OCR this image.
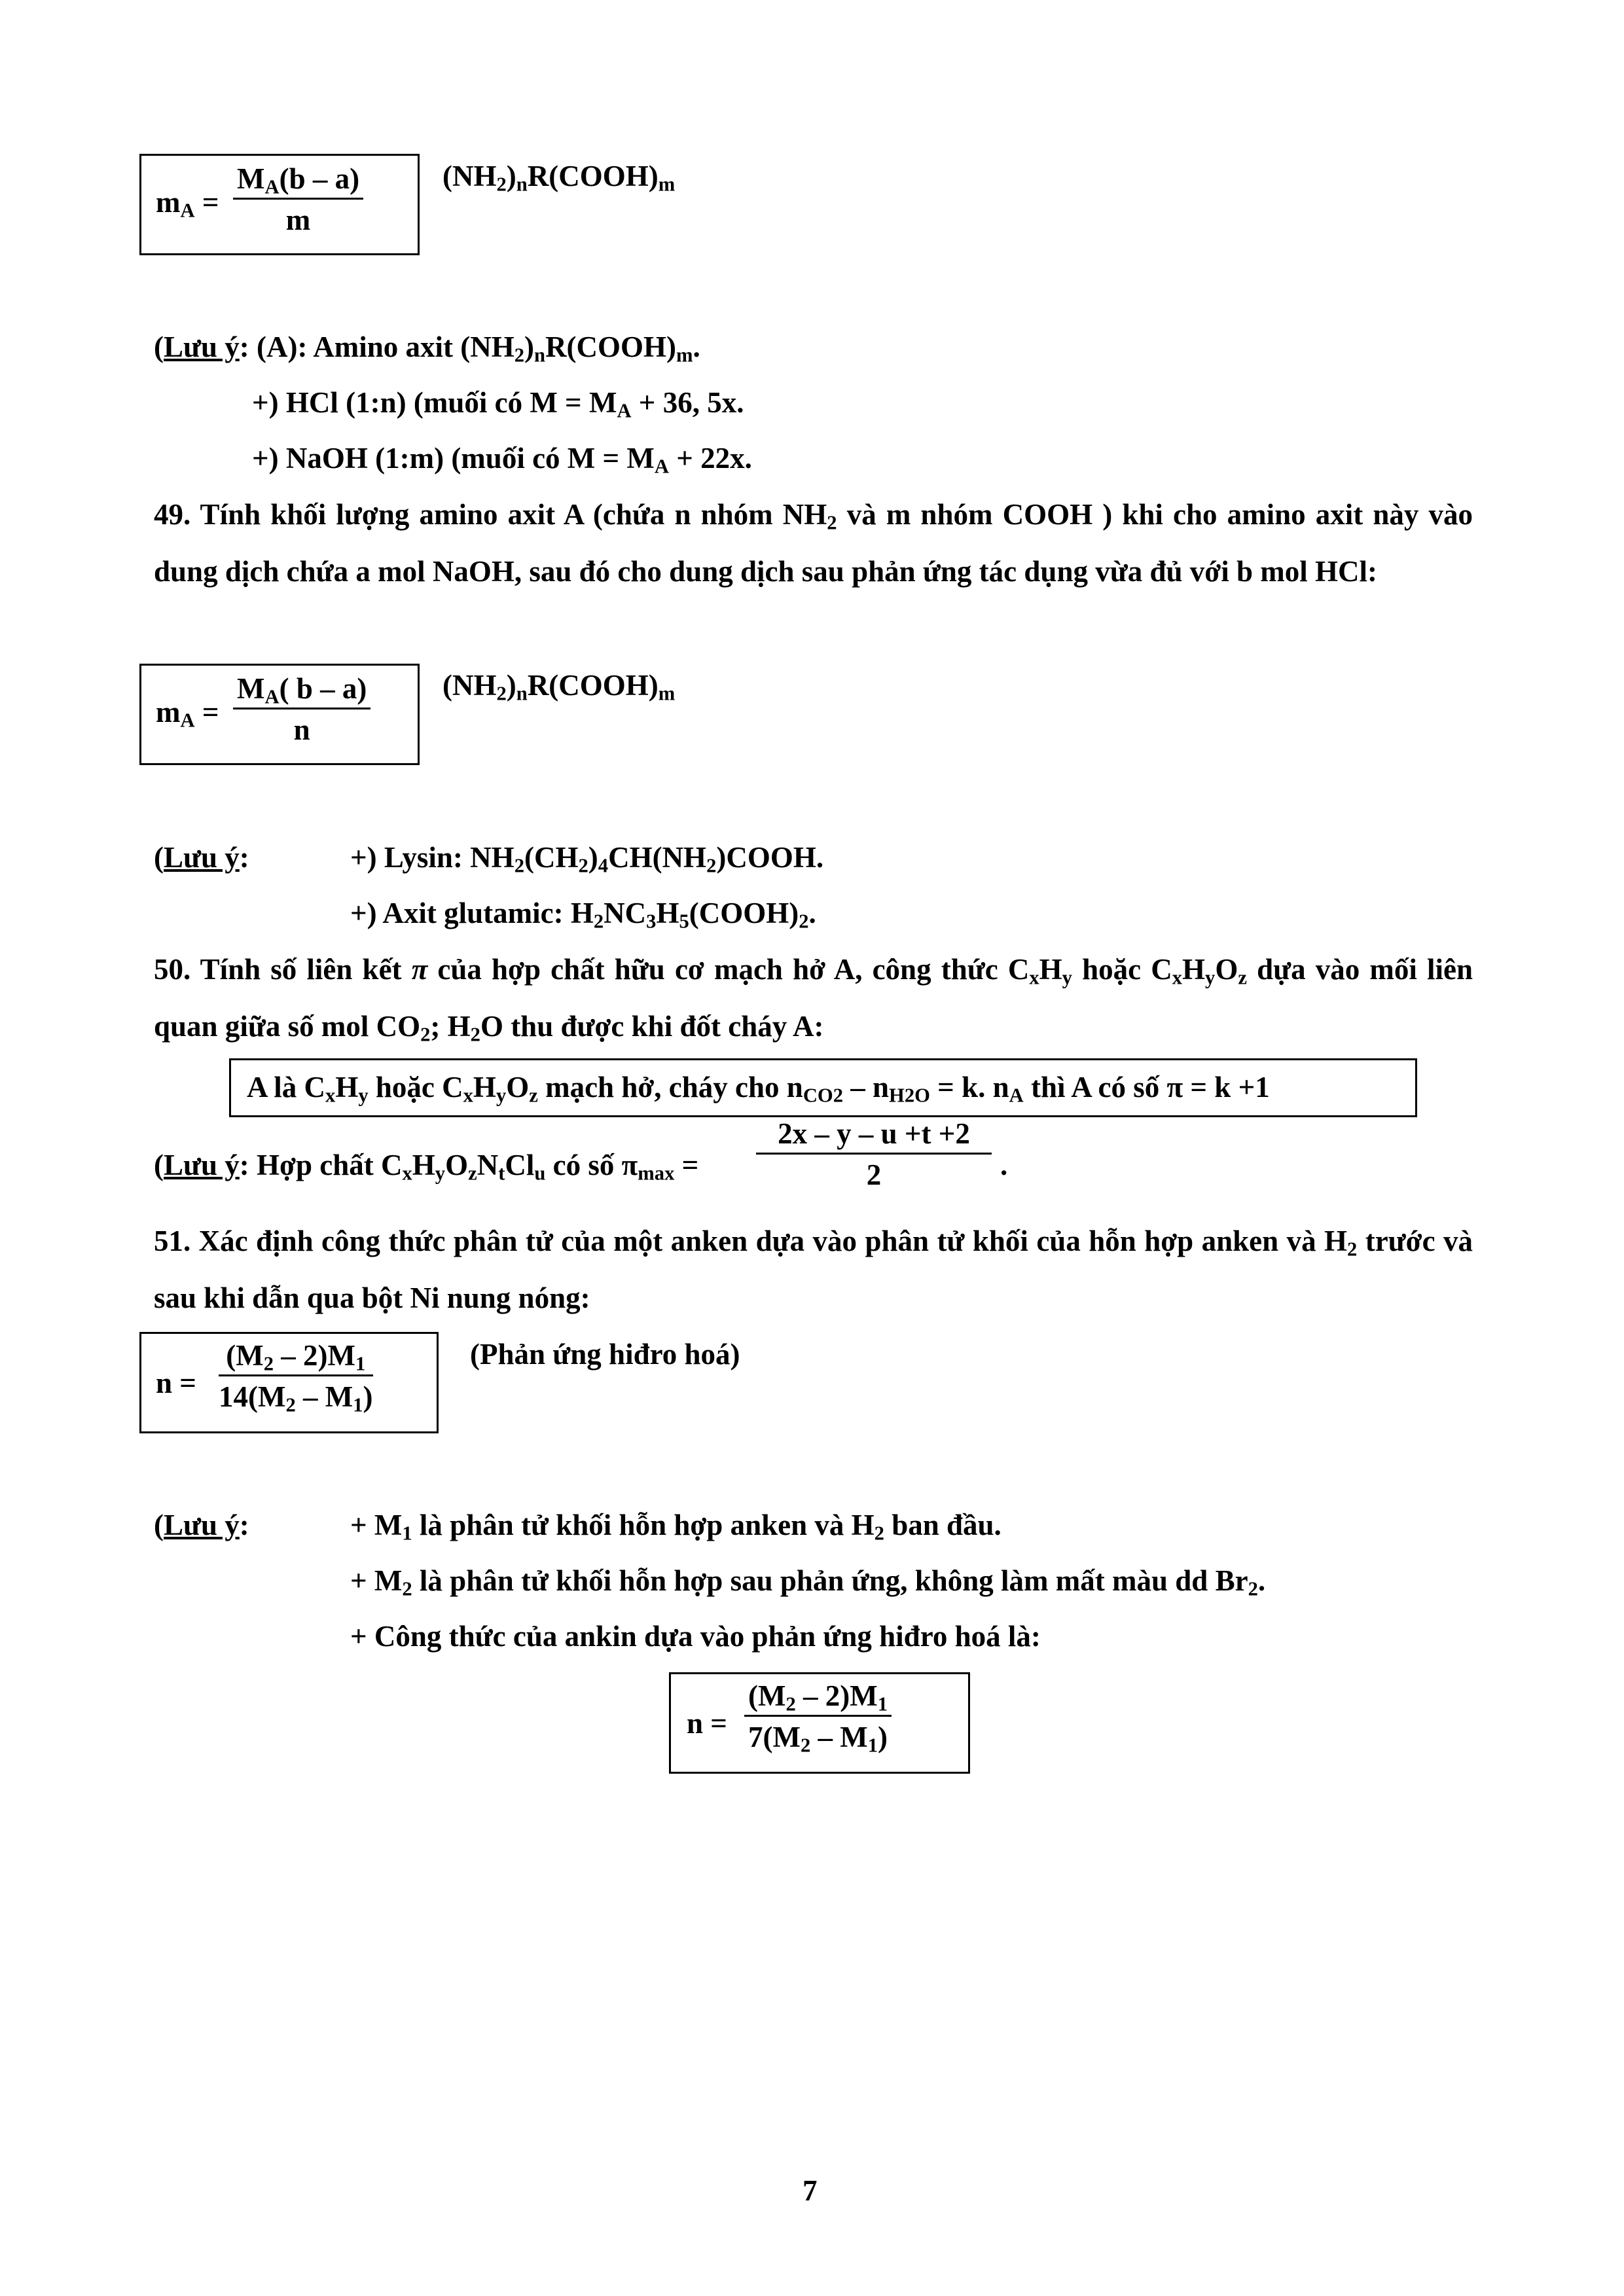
$m_A = \frac{M_A(b - a)}{m}$	$(NH_2)_nR(COOH)_m$
(Lưu ý: (A): Amino axit $(NH_2)_nR(COOH)_m$.
+) HCl (1:n) (muối có $M = M_A + 36$, 5x.
+) NaOH (1:m) (muối có $M = M_A + 22x$.
49. Tính khối lượng amino axit A (chứa n nhóm $NH_2$ và m nhóm COOH ) khi cho amino axit này vào dung dịch chứa a mol NaOH, sau đó cho dung dịch sau phản ứng tác dụng vừa đủ với b mol HCl:
$m_A = \frac{M_A( b - a)}{n}$ $(NH_2)_nR(COOH)_m$
(Lưu ý:	+) Lysin: $NH_2(CH_2)_4CH(NH_2)COOH$.
+) Axit glutamic: $H_2NC_3H_5(COOH)_2$.
50. Tính số liên kết π của hợp chất hữu cơ mạch hở A, công thức $C_xH_y$ hoặc $C_xH_yO_z$ dựa vào mối liên quan giữa số mol $CO_2$; $H_2O$ thu được khi đốt cháy A:
A là $C_xH_y$ hoặc $C_xH_yO_z$ mạch hở, cháy cho $n_{CO2} - n_{H2O} = k$. $n_A$ thì A có số π = k +1
(Lưu ý: Hợp chất $C_xH_yO_zN_tCl_u$ có số $\pi_{max} = \frac{2x - y - u +t +2}{2}$ .
51. Xác định công thức phân tử của một anken dựa vào phân tử khối của hỗn hợp anken và $H_2$ trước và sau khi dẫn qua bột Ni nung nóng:
$n = \frac{(M_2 - 2)M_1}{14(M_2 - M_1)}$	(Phản ứng hiđro hoá)
(Lưu ý:	+ $M_1$ là phân tử khối hỗn hợp anken và $H_2$ ban đầu.
+ $M_2$ là phân tử khối hỗn hợp sau phản ứng, không làm mất màu dd $Br_2$.
+ Công thức của ankin dựa vào phản ứng hiđro hoá là:
$n = \frac{(M_2 - 2)M_1}{7(M_2 - M_1)}$
7
